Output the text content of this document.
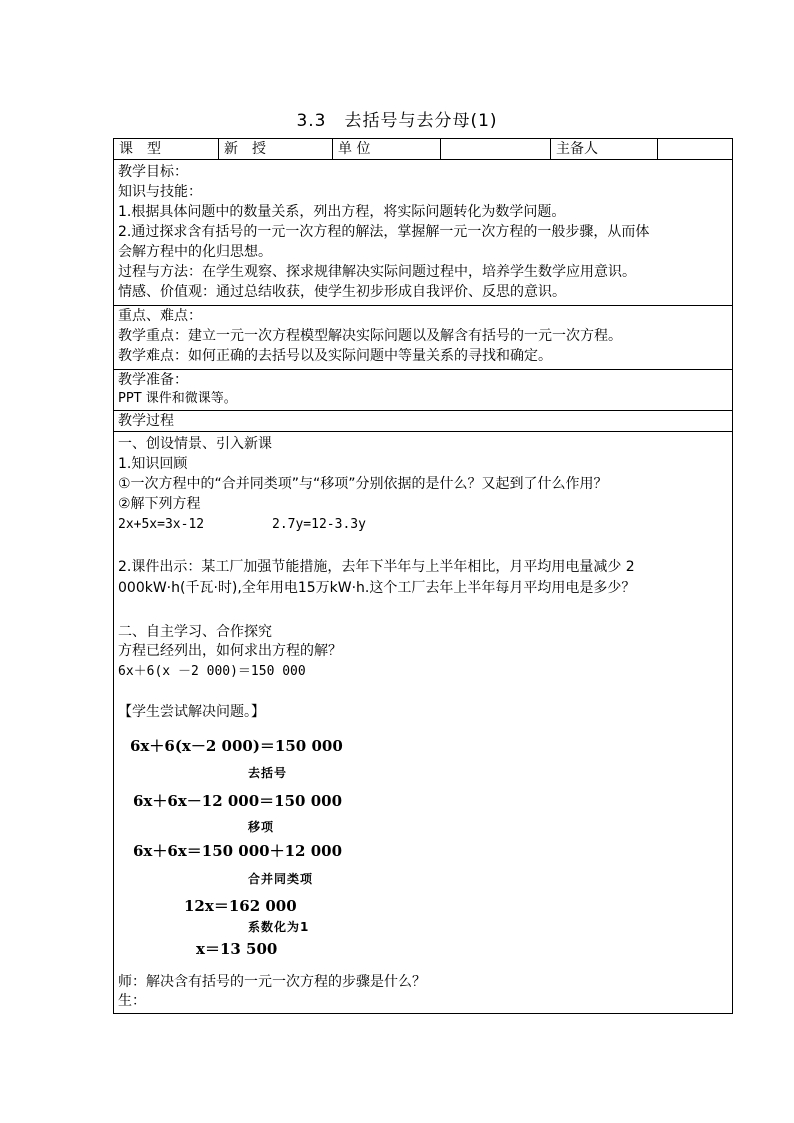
3.3　去括号与去分母(1)
课　型	新　授	单 位	主备人
教学目标：
知识与技能：
1.根据具体问题中的数量关系，列出方程，将实际问题转化为数学问题。
2.通过探求含有括号的一元一次方程的解法，掌握解一元一次方程的一般步骤，从而体
会解方程中的化归思想。
过程与方法：在学生观察、探求规律解决实际问题过程中，培养学生数学应用意识。
情感、价值观：通过总结收获，使学生初步形成自我评价、反思的意识。
重点、难点：
教学重点：建立一元一次方程模型解决实际问题以及解含有括号的一元一次方程。
教学难点：如何正确的去括号以及实际问题中等量关系的寻找和确定。
教学准备：
PPT 课件和微课等。
教学过程
一、创设情景、引入新课
1.知识回顾
①一次方程中的“合并同类项”与“移项”分别依据的是什么？又起到了什么作用？
②解下列方程
2x+5x=3x-12	2.7y=12-3.3y
2.课件出示：某工厂加强节能措施，去年下半年与上半年相比，月平均用电量减少 2
000kW·h(千瓦·时),全年用电15万kW·h.这个工厂去年上半年每月平均用电是多少？
二、自主学习、合作探究
方程已经列出，如何求出方程的解？
6x＋6(x －2 000)＝150 000
【学生尝试解决问题。】
6x＋6(x－2 000)＝150 000
去括号
6x＋6x－12 000＝150 000
移项
6x＋6x＝150 000＋12 000
合并同类项
12x＝162 000
系数化为1
x＝13 500
师：解决含有括号的一元一次方程的步骤是什么？
生：
